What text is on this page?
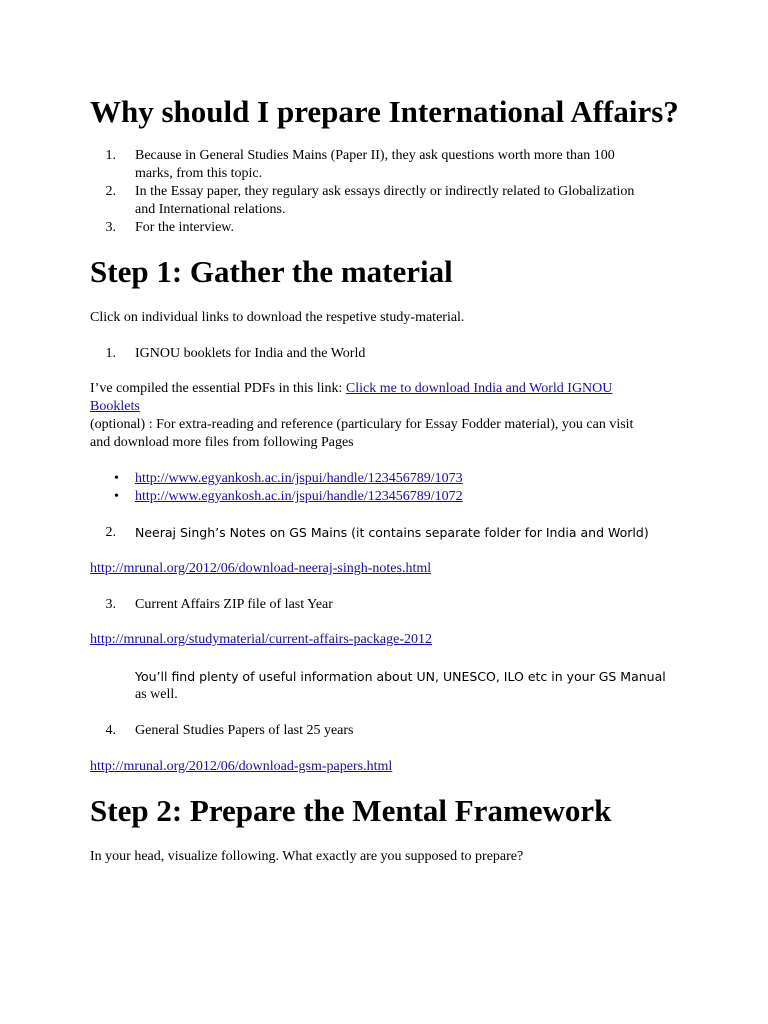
Why should I prepare International Affairs?
1. Because in General Studies Mains (Paper II), they ask questions worth more than 100
marks, from this topic.
2. In the Essay paper, they regulary ask essays directly or indirectly related to Globalization
and International relations.
3. For the interview.
Step 1: Gather the material
Click on individual links to download the respetive study-material.
1. IGNOU booklets for India and the World
I’ve compiled the essential PDFs in this link: Click me to download India and World IGNOU
Booklets
(optional) : For extra-reading and reference (particulary for Essay Fodder material), you can visit
and download more files from following Pages
• http://www.egyankosh.ac.in/jspui/handle/123456789/1073
• http://www.egyankosh.ac.in/jspui/handle/123456789/1072
2. Neeraj Singh’s Notes on GS Mains (it contains separate folder for India and World)
http://mrunal.org/2012/06/download-neeraj-singh-notes.html
3. Current Affairs ZIP file of last Year
http://mrunal.org/studymaterial/current-affairs-package-2012
You’ll find plenty of useful information about UN, UNESCO, ILO etc in your GS Manual
as well.
4. General Studies Papers of last 25 years
http://mrunal.org/2012/06/download-gsm-papers.html
Step 2: Prepare the Mental Framework
In your head, visualize following. What exactly are you supposed to prepare?
